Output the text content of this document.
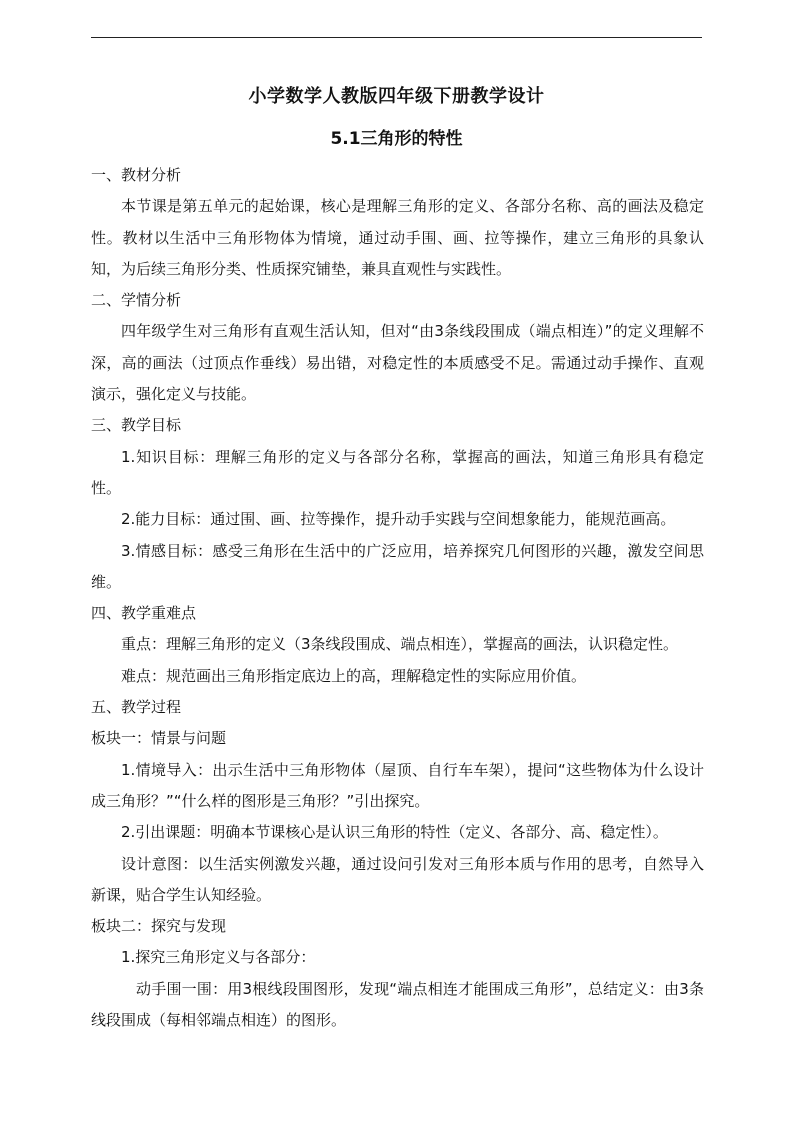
小学数学人教版四年级下册教学设计
5.1三角形的特性

一、教材分析

本节课是第五单元的起始课，核心是理解三角形的定义、各部分名称、高的画法及稳定性。教材以生活中三角形物体为情境，通过动手围、画、拉等操作，建立三角形的具象认知，为后续三角形分类、性质探究铺垫，兼具直观性与实践性。

二、学情分析

四年级学生对三角形有直观生活认知，但对“由3条线段围成（端点相连）”的定义理解不深，高的画法（过顶点作垂线）易出错，对稳定性的本质感受不足。需通过动手操作、直观演示，强化定义与技能。

三、教学目标

1.知识目标：理解三角形的定义与各部分名称，掌握高的画法，知道三角形具有稳定性。

2.能力目标：通过围、画、拉等操作，提升动手实践与空间想象能力，能规范画高。

3.情感目标：感受三角形在生活中的广泛应用，培养探究几何图形的兴趣，激发空间思维。

四、教学重难点

重点：理解三角形的定义（3条线段围成、端点相连），掌握高的画法，认识稳定性。

难点：规范画出三角形指定底边上的高，理解稳定性的实际应用价值。

五、教学过程

板块一：情景与问题

1.情境导入：出示生活中三角形物体（屋顶、自行车车架），提问“这些物体为什么设计成三角形？”“什么样的图形是三角形？”引出探究。

2.引出课题：明确本节课核心是认识三角形的特性（定义、各部分、高、稳定性）。

设计意图：以生活实例激发兴趣，通过设问引发对三角形本质与作用的思考，自然导入新课，贴合学生认知经验。

板块二：探究与发现

1.探究三角形定义与各部分：

动手围一围：用3根线段围图形，发现“端点相连才能围成三角形”，总结定义：由3条线段围成（每相邻端点相连）的图形。
